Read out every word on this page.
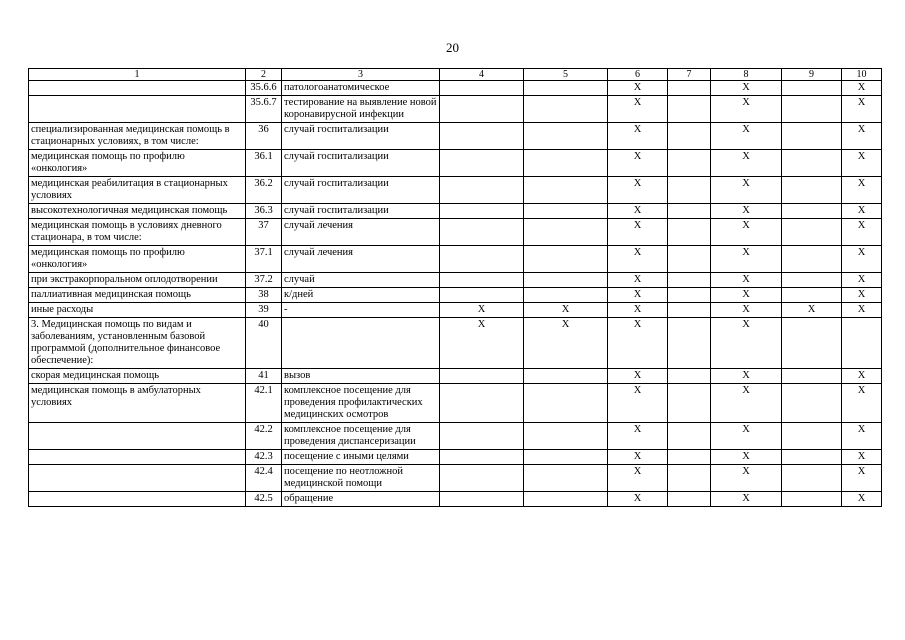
20
1	2	3	4	5	6	7	8	9	10
	35.6.6	патологоанатомическое			X		X		X
	35.6.7	тестирование на выявление новой коронавирусной инфекции			X		X		X
специализированная медицинская помощь в стационарных условиях, в том числе:	36	случай госпитализации			X		X		X
медицинская помощь по профилю «онкология»	36.1	случай госпитализации			X		X		X
медицинская реабилитация в стационарных условиях	36.2	случай госпитализации			X		X		X
высокотехнологичная медицинская помощь	36.3	случай госпитализации			X		X		X
медицинская помощь в условиях дневного стационара, в том числе:	37	случай лечения			X		X		X
медицинская помощь по профилю «онкология»	37.1	случай лечения			X		X		X
при экстракорпоральном оплодотворении	37.2	случай			X		X		X
паллиативная медицинская помощь	38	к/дней			X		X		X
иные расходы	39	-	X	X	X		X	X	X
3. Медицинская помощь по видам и заболеваниям, установленным базовой программой (дополнительное финансовое обеспечение):	40		X	X	X		X		
скорая медицинская помощь	41	вызов			X		X		X
медицинская помощь в амбулаторных условиях	42.1	комплексное посещение для проведения профилактических медицинских осмотров			X		X		X
	42.2	комплексное посещение для проведения диспансеризации			X		X		X
	42.3	посещение с иными целями			X		X		X
	42.4	посещение по неотложной медицинской помощи			X		X		X
	42.5	обращение			X		X		X
